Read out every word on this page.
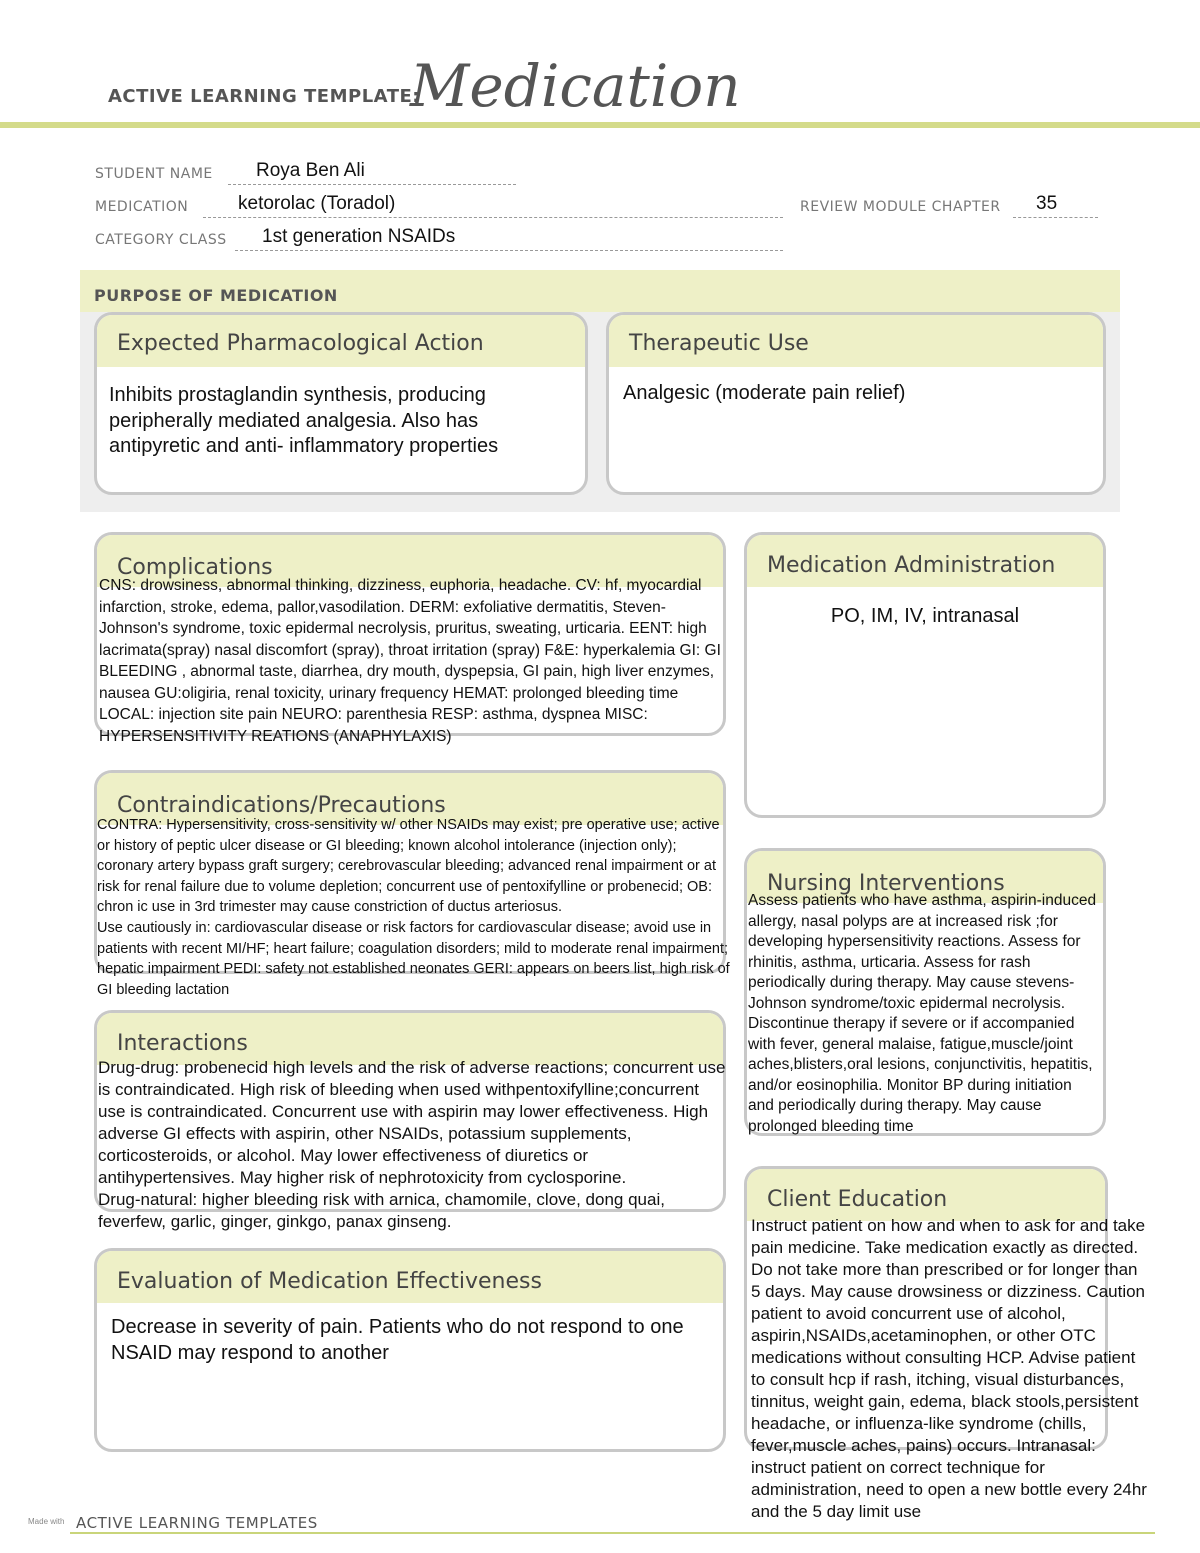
ACTIVE LEARNING TEMPLATE:
Medication
STUDENT NAME Roya Ben Ali
MEDICATION	ketorolac (Toradol)	REVIEW MODULE CHAPTER 35
CATEGORY CLASS 1st generation NSAIDs
PURPOSE OF MEDICATION
Expected Pharmacological Action
Inhibits prostaglandin synthesis, producing peripherally mediated analgesia. Also has antipyretic and anti- inflammatory properties
Therapeutic Use
Analgesic (moderate pain relief)
Complications
CNS: drowsiness, abnormal thinking, dizziness, euphoria, headache. CV: hf, myocardial infarction, stroke, edema, pallor,vasodilation. DERM: exfoliative dermatitis, Steven-Johnson's syndrome, toxic epidermal necrolysis, pruritus, sweating, urticaria. EENT: high lacrimata(spray) nasal discomfort (spray), throat irritation (spray) F&E: hyperkalemia GI: GI BLEEDING , abnormal taste, diarrhea, dry mouth, dyspepsia, GI pain, high liver enzymes, nausea GU:oligiria, renal toxicity, urinary frequency HEMAT: prolonged bleeding time LOCAL: injection site pain NEURO: parenthesia RESP: asthma, dyspnea MISC: HYPERSENSITIVITY REATIONS (ANAPHYLAXIS)
Medication Administration
PO, IM, IV, intranasal
Contraindications/Precautions
CONTRA: Hypersensitivity, cross-sensitivity w/ other NSAIDs may exist; pre operative use; active or history of peptic ulcer disease or GI bleeding; known alcohol intolerance (injection only); coronary artery bypass graft surgery; cerebrovascular bleeding; advanced renal impairment or at risk for renal failure due to volume depletion; concurrent use of pentoxifylline or probenecid; OB: chron ic use in 3rd trimester may cause constriction of ductus arteriosus.
Use cautiously in: cardiovascular disease or risk factors for cardiovascular disease; avoid use in patients with recent MI/HF; heart failure; coagulation disorders; mild to moderate renal impairment; hepatic impairment PEDI: safety not established neonates GERI: appears on beers list, high risk of GI bleeding lactation
Nursing Interventions
Assess patients who have asthma, aspirin-induced allergy, nasal polyps are at increased risk ;for developing hypersensitivity reactions. Assess for rhinitis, asthma, urticaria. Assess for rash periodically during therapy. May cause stevens-Johnson syndrome/toxic epidermal necrolysis. Discontinue therapy if severe or if accompanied with fever, general malaise, fatigue,muscle/joint aches,blisters,oral lesions, conjunctivitis, hepatitis, and/or eosinophilia. Monitor BP during initiation and periodically during therapy. May cause prolonged bleeding time
Interactions
Drug-drug: probenecid high levels and the risk of adverse reactions; concurrent use is contraindicated. High risk of bleeding when used withpentoxifylline;concurrent use is contraindicated. Concurrent use with aspirin may lower effectiveness. High adverse GI effects with aspirin, other NSAIDs, potassium supplements, corticosteroids, or alcohol. May lower effectiveness of diuretics or antihypertensives. May higher risk of nephrotoxicity from cyclosporine.
Drug-natural: higher bleeding risk with arnica, chamomile, clove, dong quai, feverfew, garlic, ginger, ginkgo, panax ginseng.
Client Education
Instruct patient on how and when to ask for and take pain medicine. Take medication exactly as directed. Do not take more than prescribed or for longer than 5 days. May cause drowsiness or dizziness. Caution patient to avoid concurrent use of alcohol, aspirin,NSAIDs,acetaminophen, or other OTC medications without consulting HCP. Advise patient to consult hcp if rash, itching, visual disturbances, tinnitus, weight gain, edema, black stools,persistent headache, or influenza-like syndrome (chills, fever,muscle aches, pains) occurs. Intranasal: instruct patient on correct technique for administration, need to open a new bottle every 24hr and the 5 day limit use
Evaluation of Medication Effectiveness
Decrease in severity of pain. Patients who do not respond to one NSAID may respond to another
Made with ACTIVE LEARNING TEMPLATES
